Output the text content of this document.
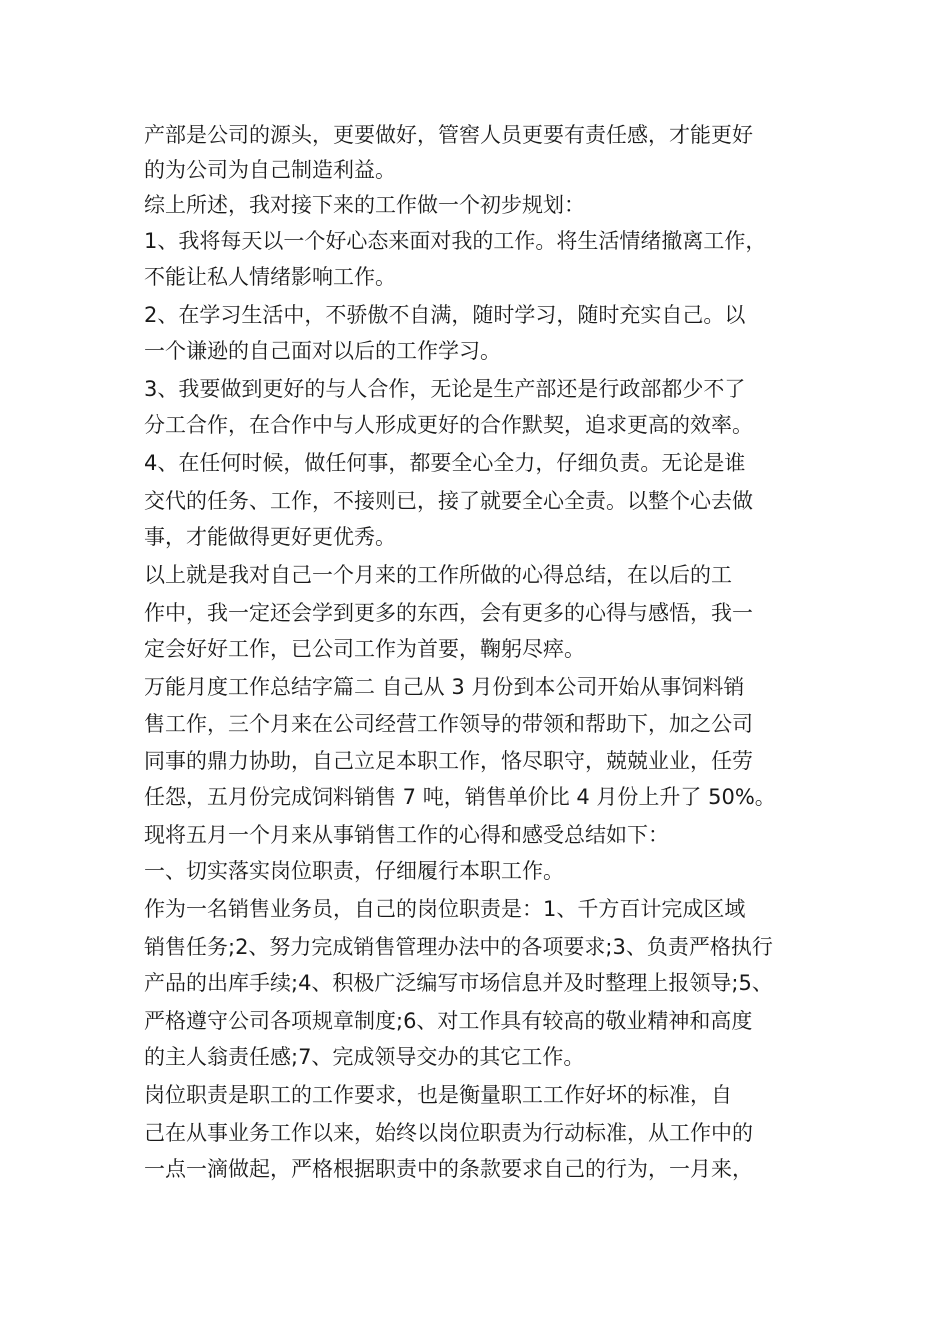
产部是公司的源头，更要做好，管窖人员更要有责任感，才能更好
的为公司为自己制造利益。
综上所述，我对接下来的工作做一个初步规划：
1、我将每天以一个好心态来面对我的工作。将生活情绪撤离工作，
不能让私人情绪影响工作。
2、在学习生活中，不骄傲不自满，随时学习，随时充实自己。以
一个谦逊的自己面对以后的工作学习。
3、我要做到更好的与人合作，无论是生产部还是行政部都少不了
分工合作，在合作中与人形成更好的合作默契，追求更高的效率。
4、在任何时候，做任何事，都要全心全力，仔细负责。无论是谁
交代的任务、工作，不接则已，接了就要全心全责。以整个心去做
事，才能做得更好更优秀。
以上就是我对自己一个月来的工作所做的心得总结，在以后的工
作中，我一定还会学到更多的东西，会有更多的心得与感悟，我一
定会好好工作，已公司工作为首要，鞠躬尽瘁。
万能月度工作总结字篇二 自己从 3 月份到本公司开始从事饲料销
售工作，三个月来在公司经营工作领导的带领和帮助下，加之公司
同事的鼎力协助，自己立足本职工作，恪尽职守，兢兢业业，任劳
任怨，五月份完成饲料销售 7 吨，销售单价比 4 月份上升了 50%。
现将五月一个月来从事销售工作的心得和感受总结如下：
一、切实落实岗位职责，仔细履行本职工作。
作为一名销售业务员，自己的岗位职责是：1、千方百计完成区域
销售任务;2、努力完成销售管理办法中的各项要求;3、负责严格执行
产品的出库手续;4、积极广泛编写市场信息并及时整理上报领导;5、
严格遵守公司各项规章制度;6、对工作具有较高的敬业精神和高度
的主人翁责任感;7、完成领导交办的其它工作。
岗位职责是职工的工作要求，也是衡量职工工作好坏的标准，自
己在从事业务工作以来，始终以岗位职责为行动标准，从工作中的
一点一滴做起，严格根据职责中的条款要求自己的行为，一月来，
